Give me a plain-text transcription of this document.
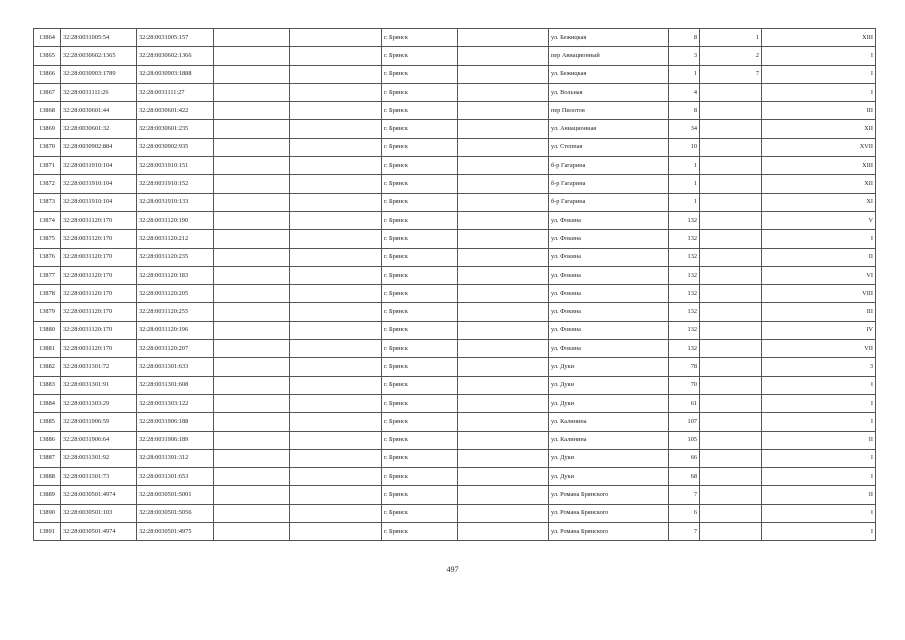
13864	32:28:0031005:54	32:28:0031005:157			г. Брянск		ул. Бежицкая	8	1	XIII
13865	32:28:0030602:1365	32:28:0030602:1366			г. Брянск		пер Авиационный	3	2	I
13866	32:28:0030903:1789	32:28:0030903:1888			г. Брянск		ул. Бежицкая	1	7	I
13867	32:28:0031111:26	32:28:0031111:27			г. Брянск		ул. Вольная	4		I
13868	32:28:0030601:44	32:28:0030601:422			г. Брянск		пер Пилотов	8		III
13869	32:28:0030601:32	32:28:0030601:235			г. Брянск		ул. Авиационная	34		XII
13870	32:28:0030902:884	32:28:0030902:935			г. Брянск		ул. Степная	10		XVII
13871	32:28:0031910:104	32:28:0031910:151			г. Брянск		б-р Гагарина	1		XIII
13872	32:28:0031910:104	32:28:0031910:152			г. Брянск		б-р Гагарина	1		XII
13873	32:28:0031910:104	32:28:0031910:133			г. Брянск		б-р Гагарина	1		XI
13874	32:28:0031120:170	32:28:0031120:190			г. Брянск		ул. Фокина	132		V
13875	32:28:0031120:170	32:28:0031120:212			г. Брянск		ул. Фокина	132		I
13876	32:28:0031120:170	32:28:0031120:235			г. Брянск		ул. Фокина	132		II
13877	32:28:0031120:170	32:28:0031120:183			г. Брянск		ул. Фокина	132		VI
13878	32:28:0031120:170	32:28:0031120:205			г. Брянск		ул. Фокина	132		VIII
13879	32:28:0031120:170	32:28:0031120:255			г. Брянск		ул. Фокина	132		III
13880	32:28:0031120:170	32:28:0031120:196			г. Брянск		ул. Фокина	132		IV
13881	32:28:0031120:170	32:28:0031120:207			г. Брянск		ул. Фокина	132		VII
13882	32:28:0031301:72	32:28:0031301:633			г. Брянск		ул. Дуки	78		3
13883	32:28:0031301:91	32:28:0031301:608			г. Брянск		ул. Дуки	70		I
13884	32:28:0031303:29	32:28:0031303:122			г. Брянск		ул. Дуки	61		I
13885	32:28:0031906:59	32:28:0031906:188			г. Брянск		ул. Калинина	107		I
13886	32:28:0031906:64	32:28:0031906:189			г. Брянск		ул. Калинина	105		II
13887	32:28:0031301:92	32:28:0031301:312			г. Брянск		ул. Дуки	66		I
13888	32:28:0031301:73	32:28:0031301:653			г. Брянск		ул. Дуки	68		I
13889	32:28:0030501:4974	32:28:0030501:5001			г. Брянск		ул. Романа Брянского	7		II
13890	32:28:0030501:103	32:28:0030501:5056			г. Брянск		ул. Романа Брянского	6		I
13891	32:28:0030501:4974	32:28:0030501:4975			г. Брянск		ул. Романа Брянского	7		I
497
